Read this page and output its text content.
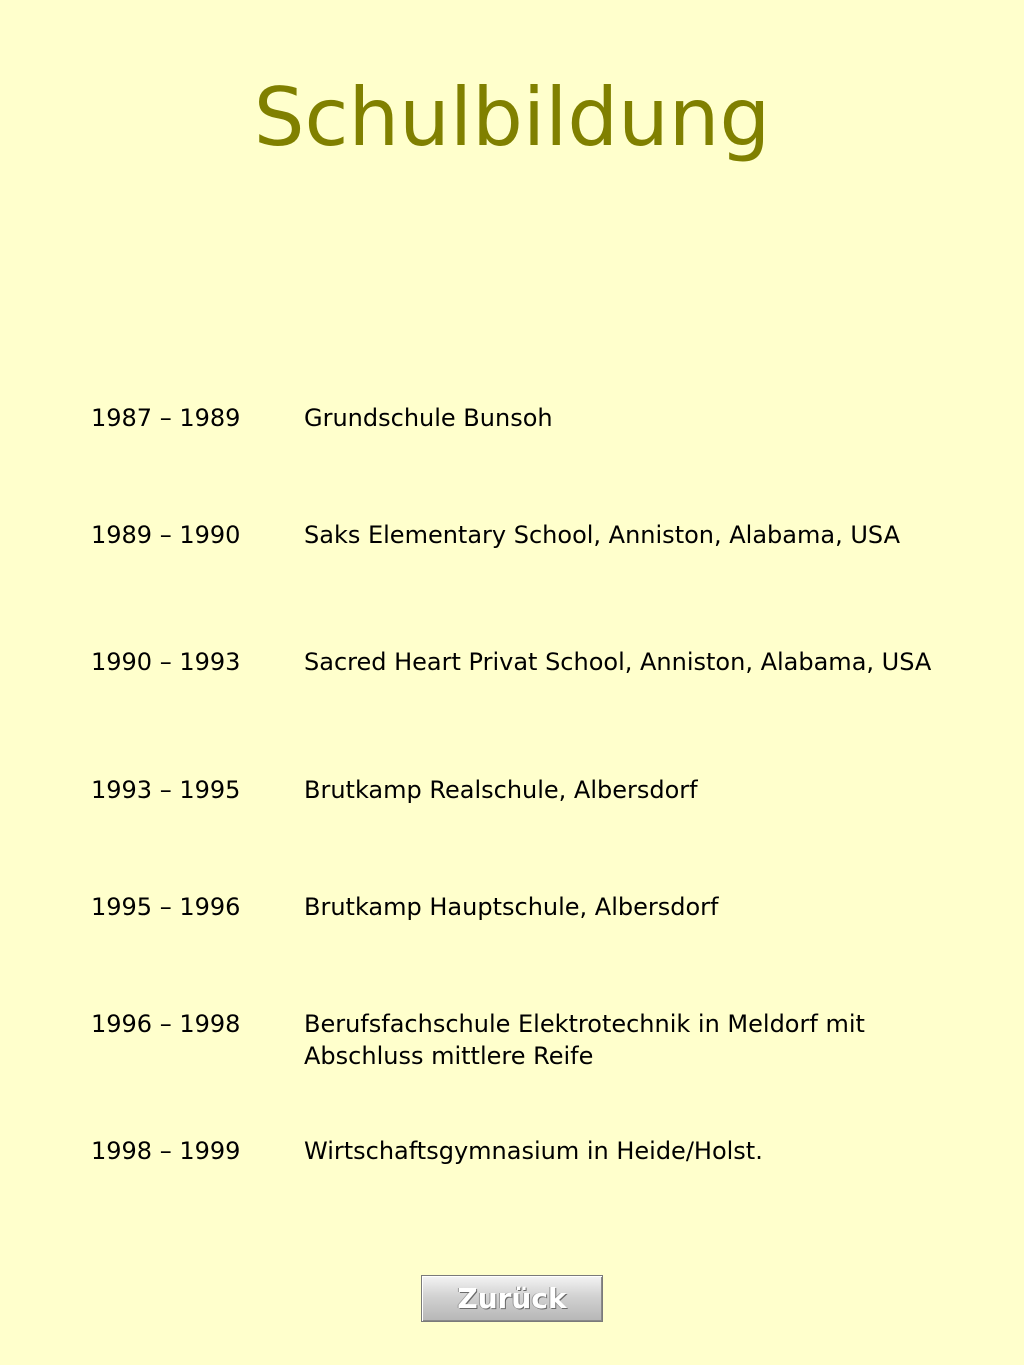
Schulbildung
1987 – 1989	Grundschule Bunsoh
1989 – 1990	Saks Elementary School, Anniston, Alabama, USA
1990 – 1993	Sacred Heart Privat School, Anniston, Alabama, USA
1993 – 1995	Brutkamp Realschule, Albersdorf
1995 – 1996	Brutkamp Hauptschule, Albersdorf
1996 – 1998	Berufsfachschule Elektrotechnik in Meldorf mit Abschluss mittlere Reife
1998 – 1999	Wirtschaftsgymnasium in Heide/Holst.
Zurück
